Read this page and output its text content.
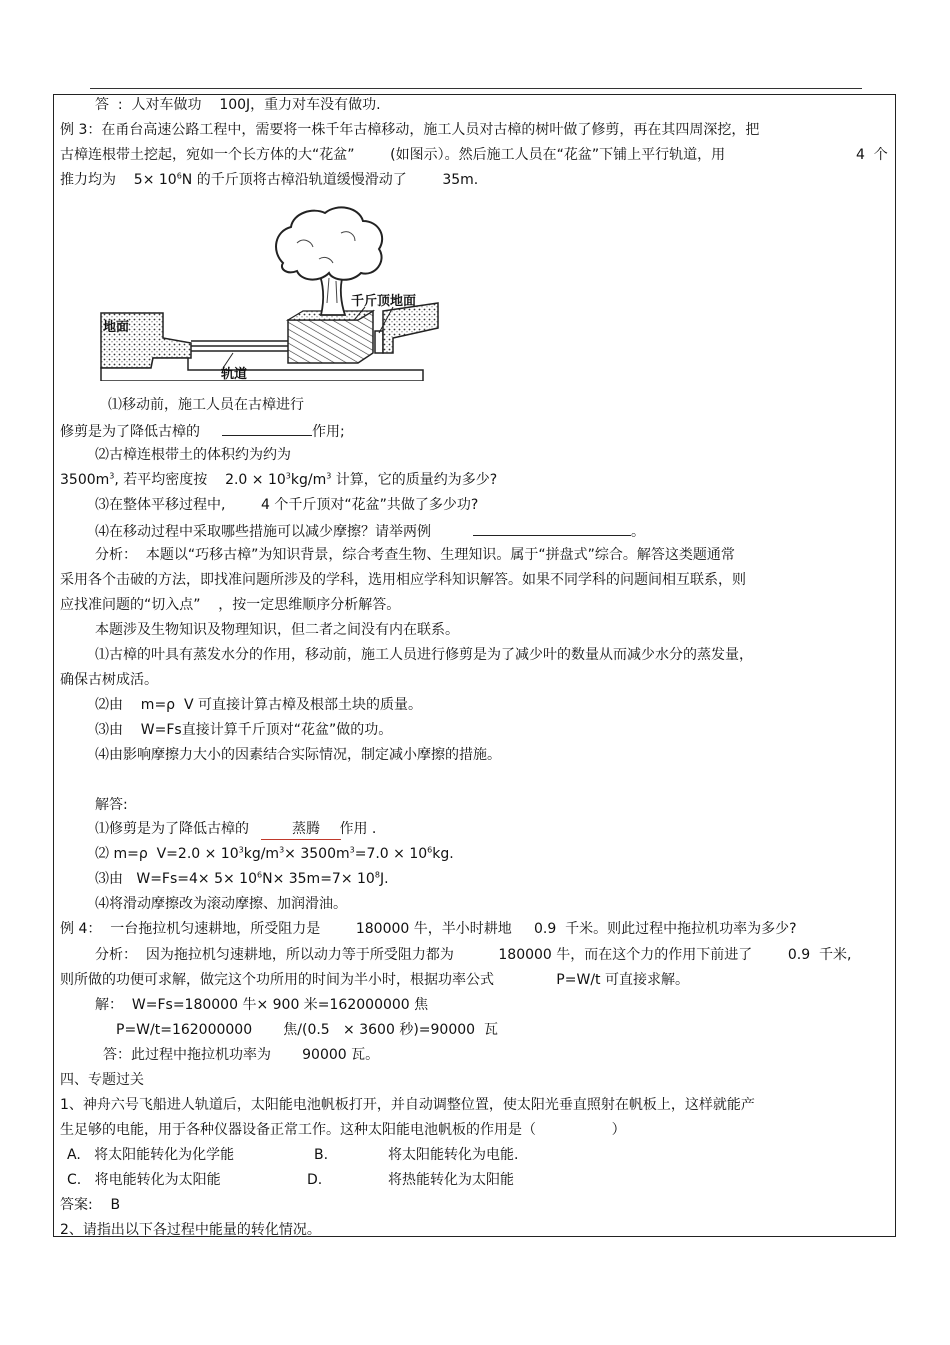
答  :  人对车做功    100J，重力对车没有做功.
例 3：在甬台高速公路工程中，需要将一株千年古樟移动，施工人员对古樟的树叶做了修剪，再在其四周深挖，把
古樟连根带土挖起，宛如一个长方体的大“花盆”        (如图示）。然后施工人员在“花盆”下铺上平行轨道，用	4  个
推力均为    $5\times 10^6N$ 的千斤顶将古樟沿轨道缓慢滑动了        35m.
地面
千斤顶地面
轨道
⑴移动前，施工人员在古樟进行
修剪是为了降低古樟的	作用;
⑵古樟连根带土的体积约为约为
$3500m^3$, 若平均密度按    $2.0 \times 10^3kg/m^3$ 计算，它的质量约为多少?
⑶在整体平移过程中,        4 个千斤顶对“花盆”共做了多少功?
⑷在移动过程中采取哪些措施可以减少摩擦？请举两例	。
分析：  本题以“巧移古樟”为知识背景，综合考查生物、生理知识。属于“拼盘式”综合。解答这类题通常
采用各个击破的方法，即找准问题所涉及的学科，选用相应学科知识解答。如果不同学科的问题间相互联系，则
应找准问题的“切入点”    ，按一定思维顺序分析解答。
本题涉及生物知识及物理知识，但二者之间没有内在联系。
⑴古樟的叶具有蒸发水分的作用，移动前，施工人员进行修剪是为了减少叶的数量从而减少水分的蒸发量，
确保古树成活。
⑵由    m=ρ  V 可直接计算古樟及根部土块的质量。
⑶由    W=Fs直接计算千斤顶对“花盆”做的功。
⑷由影响摩擦力大小的因素结合实际情况，制定减小摩擦的措施。
解答:
⑴修剪是为了降低古樟的	蒸腾 作用 .
⑵ m=ρ  $V=2.0 \times 10^3kg/m^3\times 3500m^3=7.0 \times 10^6kg$.
⑶由   $W=Fs=4\times 5\times 10^6N\times 35m=7\times 10^8J$.
⑷将滑动摩擦改为滚动摩擦、加润滑油。
例 4：  一台拖拉机匀速耕地，所受阻力是        180000 牛，半小时耕地     0.9  千米。则此过程中拖拉机功率为多少?
分析：  因为拖拉机匀速耕地，所以动力等于所受阻力都为          180000 牛，而在这个力的作用下前进了        0.9  千米,
则所做的功便可求解，做完这个功所用的时间为半小时，根据功率公式              P=W/t 可直接求解。
解：  W=Fs=180000 牛× 900 米=162000000 焦
P=W/t=162000000       焦/(0.5   × 3600 秒)=90000  瓦
答：此过程中拖拉机功率为       90000 瓦。
四、专题过关
1、神舟六号飞船进人轨道后，太阳能电池帆板打开，并自动调整位置，使太阳光垂直照射在帆板上，这样就能产
生足够的电能，用于各种仪器设备正常工作。这种太阳能电池帆板的作用是（                 ）
A.   将太阳能转化为化学能	B.	将太阳能转化为电能.
C.   将电能转化为太阳能	D.	将热能转化为太阳能
答案:    B
2、请指出以下各过程中能量的转化情况。
